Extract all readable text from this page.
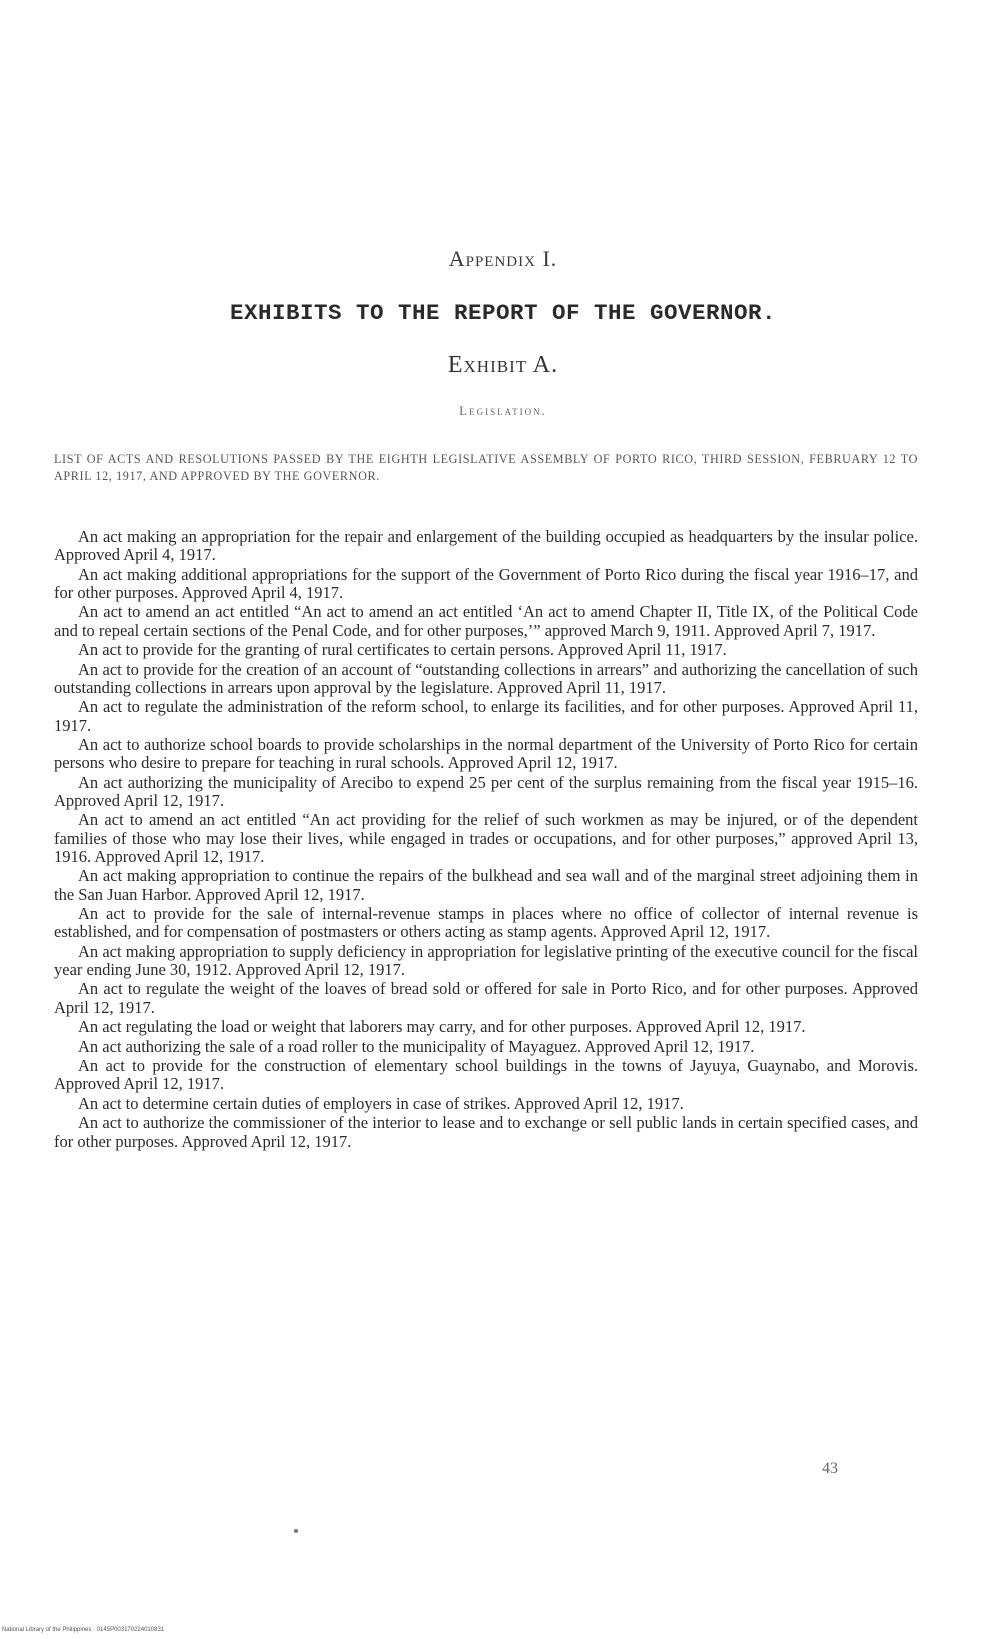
Appendix I.
EXHIBITS TO THE REPORT OF THE GOVERNOR.
Exhibit A.
Legislation.
LIST OF ACTS AND RESOLUTIONS PASSED BY THE EIGHTH LEGISLATIVE ASSEMBLY OF PORTO RICO, THIRD SESSION, FEBRUARY 12 TO APRIL 12, 1917, AND APPROVED BY THE GOVERNOR.

An act making an appropriation for the repair and enlargement of the building occupied as headquarters by the insular police. Approved April 4, 1917.

An act making additional appropriations for the support of the Government of Porto Rico during the fiscal year 1916–17, and for other purposes. Approved April 4, 1917.

An act to amend an act entitled “An act to amend an act entitled ‘An act to amend Chapter II, Title IX, of the Political Code and to repeal certain sections of the Penal Code, and for other purposes,’” approved March 9, 1911. Approved April 7, 1917.

An act to provide for the granting of rural certificates to certain persons. Approved April 11, 1917.

An act to provide for the creation of an account of “outstanding collections in arrears” and authorizing the cancellation of such outstanding collections in arrears upon approval by the legislature. Approved April 11, 1917.

An act to regulate the administration of the reform school, to enlarge its facilities, and for other purposes. Approved April 11, 1917.

An act to authorize school boards to provide scholarships in the normal department of the University of Porto Rico for certain persons who desire to prepare for teaching in rural schools. Approved April 12, 1917.

An act authorizing the municipality of Arecibo to expend 25 per cent of the surplus remaining from the fiscal year 1915–16. Approved April 12, 1917.

An act to amend an act entitled “An act providing for the relief of such workmen as may be injured, or of the dependent families of those who may lose their lives, while engaged in trades or occupations, and for other purposes,” approved April 13, 1916. Approved April 12, 1917.

An act making appropriation to continue the repairs of the bulkhead and sea wall and of the marginal street adjoining them in the San Juan Harbor. Approved April 12, 1917.

An act to provide for the sale of internal-revenue stamps in places where no office of collector of internal revenue is established, and for compensation of postmasters or others acting as stamp agents. Approved April 12, 1917.

An act making appropriation to supply deficiency in appropriation for legislative printing of the executive council for the fiscal year ending June 30, 1912. Approved April 12, 1917.

An act to regulate the weight of the loaves of bread sold or offered for sale in Porto Rico, and for other purposes. Approved April 12, 1917.

An act regulating the load or weight that laborers may carry, and for other purposes. Approved April 12, 1917.

An act authorizing the sale of a road roller to the municipality of Mayaguez. Approved April 12, 1917.

An act to provide for the construction of elementary school buildings in the towns of Jayuya, Guaynabo, and Morovis. Approved April 12, 1917.

An act to determine certain duties of employers in case of strikes. Approved April 12, 1917.

An act to authorize the commissioner of the interior to lease and to exchange or sell public lands in certain specified cases, and for other purposes. Approved April 12, 1917.

43
National Library of the Philippines · 0145P003170224010831
